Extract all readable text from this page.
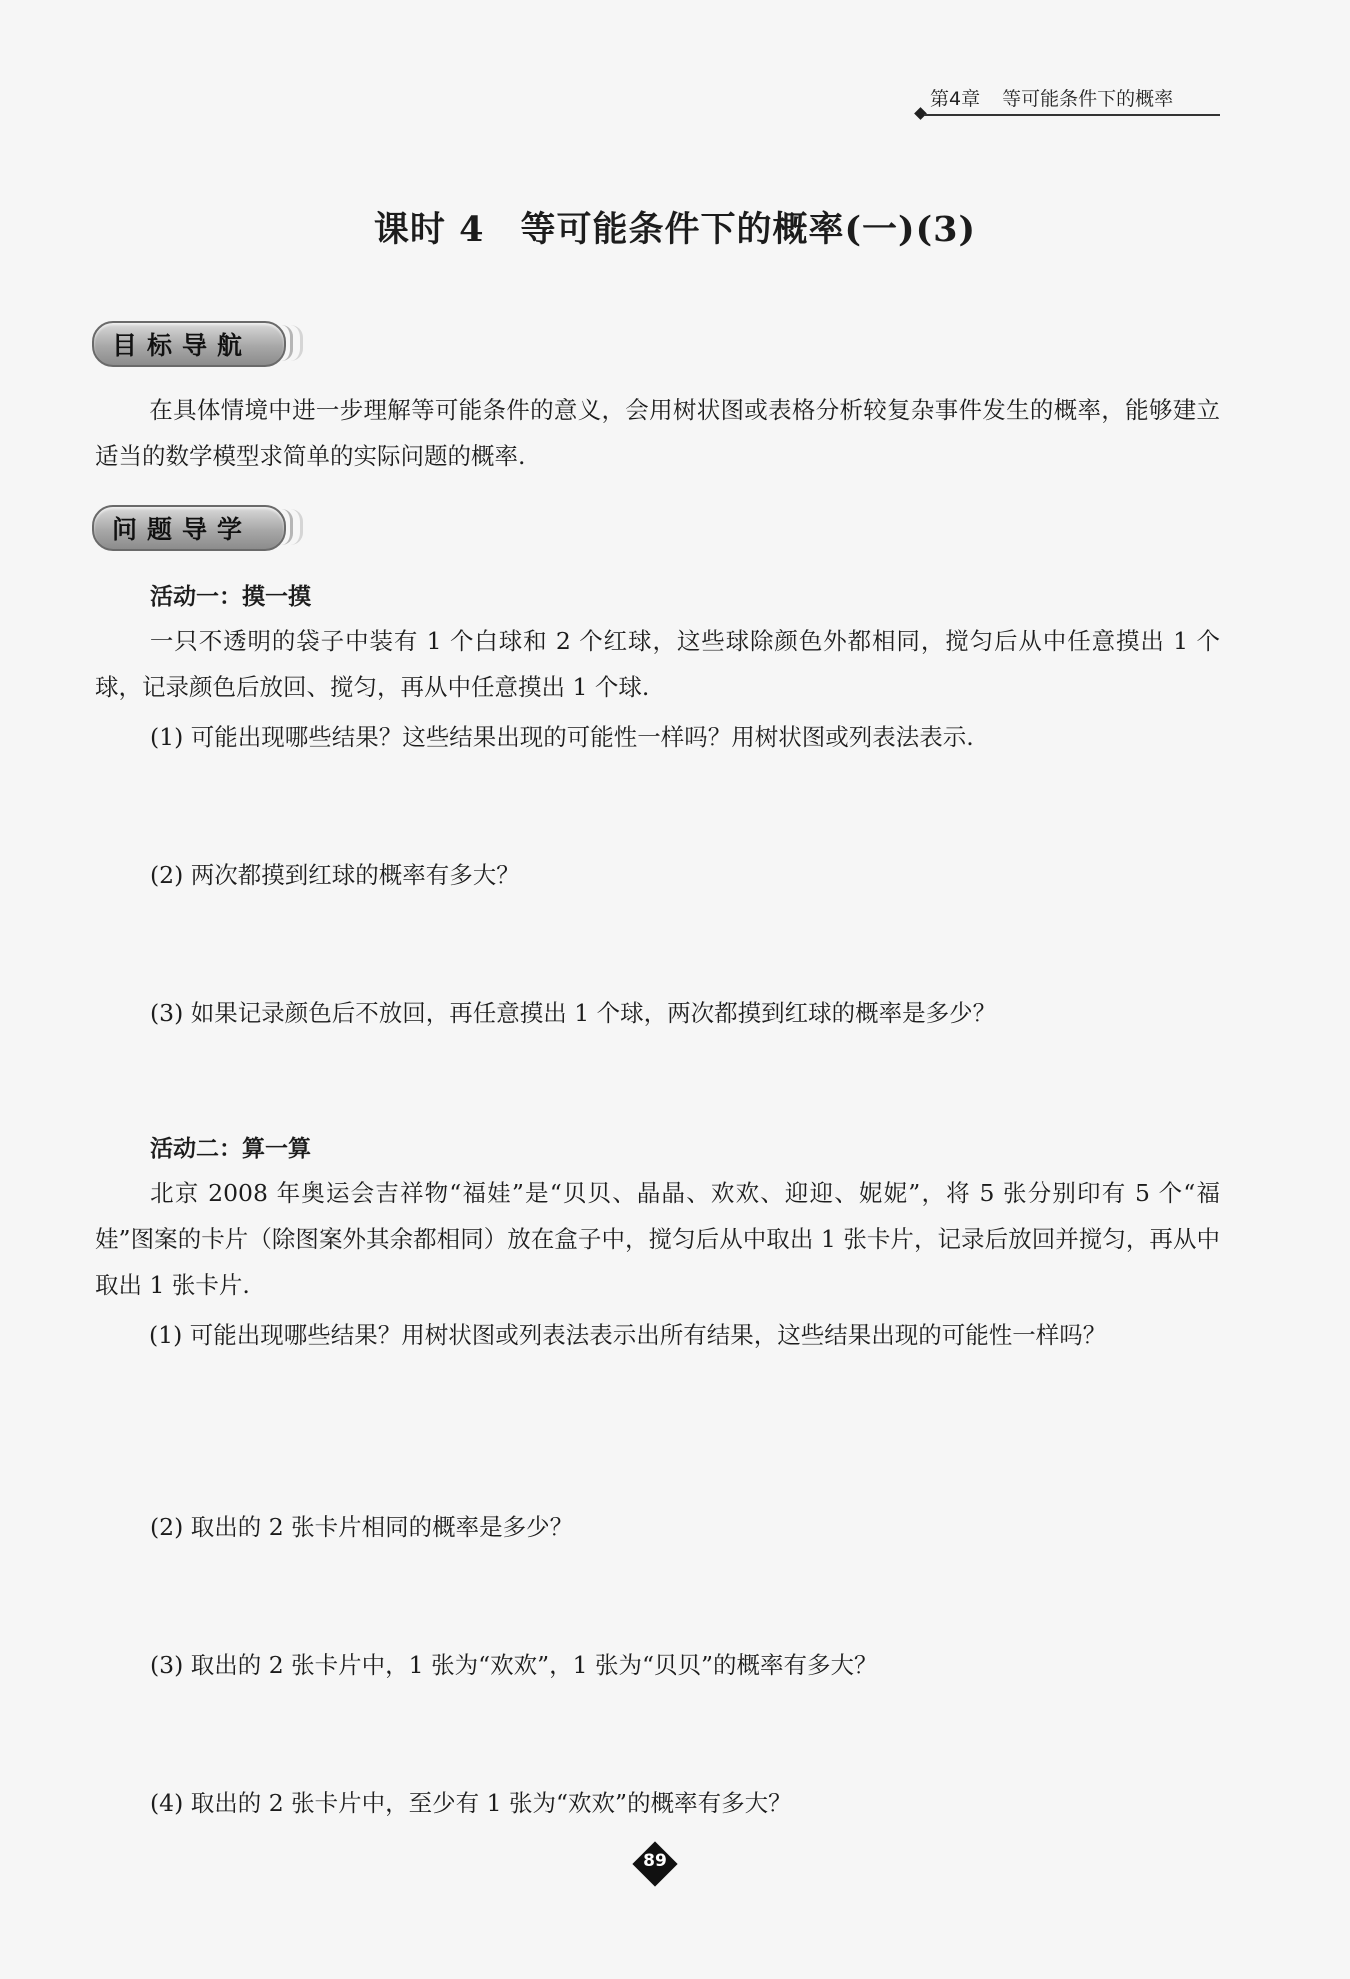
第4章 等可能条件下的概率
课时 4　等可能条件下的概率(一)(3)
目标导航
在具体情境中进一步理解等可能条件的意义，会用树状图或表格分析较复杂事件发生的概率，能够建立适当的数学模型求简单的实际问题的概率.
问题导学
活动一：摸一摸
一只不透明的袋子中装有 1 个白球和 2 个红球，这些球除颜色外都相同，搅匀后从中任意摸出 1 个球，记录颜色后放回、搅匀，再从中任意摸出 1 个球.
(1) 可能出现哪些结果？这些结果出现的可能性一样吗？用树状图或列表法表示.
(2) 两次都摸到红球的概率有多大？
(3) 如果记录颜色后不放回，再任意摸出 1 个球，两次都摸到红球的概率是多少？
活动二：算一算
北京 2008 年奥运会吉祥物“福娃”是“贝贝、晶晶、欢欢、迎迎、妮妮”，将 5 张分别印有 5 个“福娃”图案的卡片（除图案外其余都相同）放在盒子中，搅匀后从中取出 1 张卡片，记录后放回并搅匀，再从中取出 1 张卡片.
(1) 可能出现哪些结果？用树状图或列表法表示出所有结果，这些结果出现的可能性一样吗？
(2) 取出的 2 张卡片相同的概率是多少？
(3) 取出的 2 张卡片中，1 张为“欢欢”，1 张为“贝贝”的概率有多大？
(4) 取出的 2 张卡片中，至少有 1 张为“欢欢”的概率有多大？
89
